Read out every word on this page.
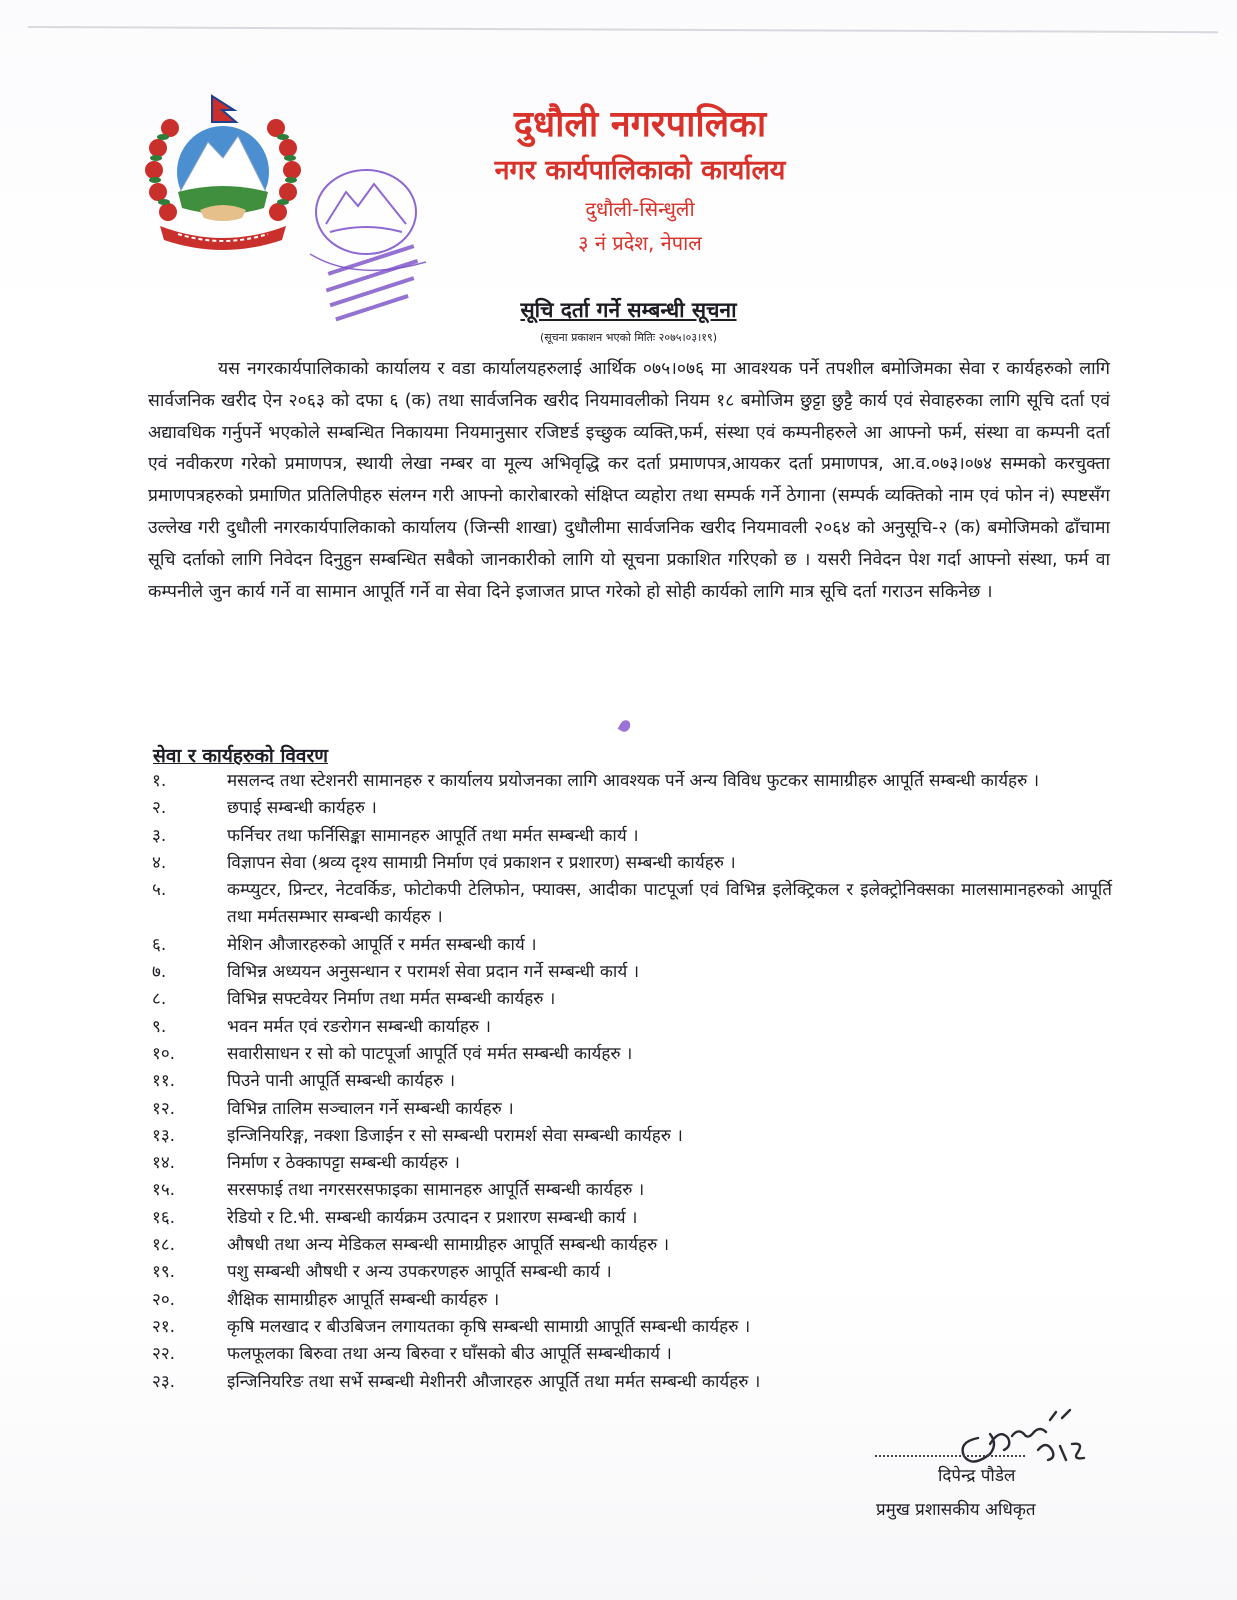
दुधौली नगरपालिका
नगर कार्यपालिकाको कार्यालय
दुधौली-सिन्धुली
३ नं प्रदेश, नेपाल
सूचि दर्ता गर्ने सम्बन्धी सूचना
(सूचना प्रकाशन भएको मितिः २०७५।०३।१९)
यस नगरकार्यपालिकाको कार्यालय र वडा कार्यालयहरुलाई आर्थिक ०७५।०७६ मा आवश्यक पर्ने तपशील बमोजिमका सेवा र कार्यहरुको लागि सार्वजनिक खरीद ऐन २०६३ को दफा ६ (क) तथा सार्वजनिक खरीद नियमावलीको नियम १८ बमोजिम छुट्टा छुट्टै कार्य एवं सेवाहरुका लागि सूचि दर्ता एवं अद्यावधिक गर्नुपर्ने भएकोले सम्बन्धित निकायमा नियमानुसार रजिष्टर्ड इच्छुक व्यक्ति,फर्म, संस्था एवं कम्पनीहरुले आ आफ्नो फर्म, संस्था वा कम्पनी दर्ता एवं नवीकरण गरेको प्रमाणपत्र, स्थायी लेखा नम्बर वा मूल्य अभिवृद्धि कर दर्ता प्रमाणपत्र,आयकर दर्ता प्रमाणपत्र, आ.व.०७३।०७४ सम्मको करचुक्ता प्रमाणपत्रहरुको प्रमाणित प्रतिलिपीहरु संलग्न गरी आफ्नो कारोबारको संक्षिप्त व्यहोरा तथा सम्पर्क गर्ने ठेगाना (सम्पर्क व्यक्तिको नाम एवं फोन नं) स्पष्टसँग उल्लेख गरी दुधौली नगरकार्यपालिकाको कार्यालय (जिन्सी शाखा) दुधौलीमा सार्वजनिक खरीद नियमावली २०६४ को अनुसूचि-२ (क) बमोजिमको ढाँचामा सूचि दर्ताको लागि निवेदन दिनुहुन सम्बन्धित सबैको जानकारीको लागि यो सूचना प्रकाशित गरिएको छ । यसरी निवेदन पेश गर्दा आफ्नो संस्था, फर्म वा कम्पनीले जुन कार्य गर्ने वा सामान आपूर्ति गर्ने वा सेवा दिने इजाजत प्राप्त गरेको हो सोही कार्यको लागि मात्र सूचि दर्ता गराउन सकिनेछ ।
सेवा र कार्यहरुको विवरण
१.	मसलन्द तथा स्टेशनरी सामानहरु र कार्यालय प्रयोजनका लागि आवश्यक पर्ने अन्य विविध फुटकर सामाग्रीहरु आपूर्ति सम्बन्धी कार्यहरु ।
२.	छपाई सम्बन्धी कार्यहरु ।
३.	फर्निचर तथा फर्निसिङ्का सामानहरु आपूर्ति तथा मर्मत सम्बन्धी कार्य ।
४.	विज्ञापन सेवा (श्रव्य दृश्य सामाग्री निर्माण एवं प्रकाशन र प्रशारण) सम्बन्धी कार्यहरु ।
५.	कम्प्युटर, प्रिन्टर, नेटवर्किङ, फोटोकपी टेलिफोन, फ्याक्स, आदीका पाटपूर्जा एवं विभिन्न इलेक्ट्रिकल र इलेक्ट्रोनिक्सका मालसामानहरुको आपूर्ति तथा मर्मतसम्भार सम्बन्धी कार्यहरु ।
६.	मेशिन औजारहरुको आपूर्ति र मर्मत सम्बन्धी कार्य ।
७.	विभिन्न अध्ययन अनुसन्धान र परामर्श सेवा प्रदान गर्ने सम्बन्धी कार्य ।
८.	विभिन्न सफ्टवेयर निर्माण तथा मर्मत सम्बन्धी कार्यहरु ।
९.	भवन मर्मत एवं रङरोगन सम्बन्धी कार्याहरु ।
१०.	सवारीसाधन र सो को पाटपूर्जा आपूर्ति एवं मर्मत सम्बन्धी कार्यहरु ।
११.	पिउने पानी आपूर्ति सम्बन्धी कार्यहरु ।
१२.	विभिन्न तालिम सञ्चालन गर्ने सम्बन्धी कार्यहरु ।
१३.	इन्जिनियरिङ्ग, नक्शा डिजाईन र सो सम्बन्धी परामर्श सेवा सम्बन्धी कार्यहरु ।
१४.	निर्माण र ठेक्कापट्टा सम्बन्धी कार्यहरु ।
१५.	सरसफाई तथा नगरसरसफाइका सामानहरु आपूर्ति सम्बन्धी कार्यहरु ।
१६.	रेडियो र टि.भी. सम्बन्धी कार्यक्रम उत्पादन र प्रशारण सम्बन्धी कार्य ।
१८.	औषधी तथा अन्य मेडिकल सम्बन्धी सामाग्रीहरु आपूर्ति सम्बन्धी कार्यहरु ।
१९.	पशु सम्बन्धी औषधी र अन्य उपकरणहरु आपूर्ति सम्बन्धी कार्य ।
२०.	शैक्षिक सामाग्रीहरु आपूर्ति सम्बन्धी कार्यहरु ।
२१.	कृषि मलखाद र बीउबिजन लगायतका कृषि सम्बन्धी सामाग्री आपूर्ति सम्बन्धी कार्यहरु ।
२२.	फलफूलका बिरुवा तथा अन्य बिरुवा र घाँसको बीउ आपूर्ति सम्बन्धीकार्य ।
२३.	इन्जिनियरिङ तथा सर्भे सम्बन्धी मेशीनरी औजारहरु आपूर्ति तथा मर्मत सम्बन्धी कार्यहरु ।
दिपेन्द्र पौडेल
प्रमुख प्रशासकीय अधिकृत
